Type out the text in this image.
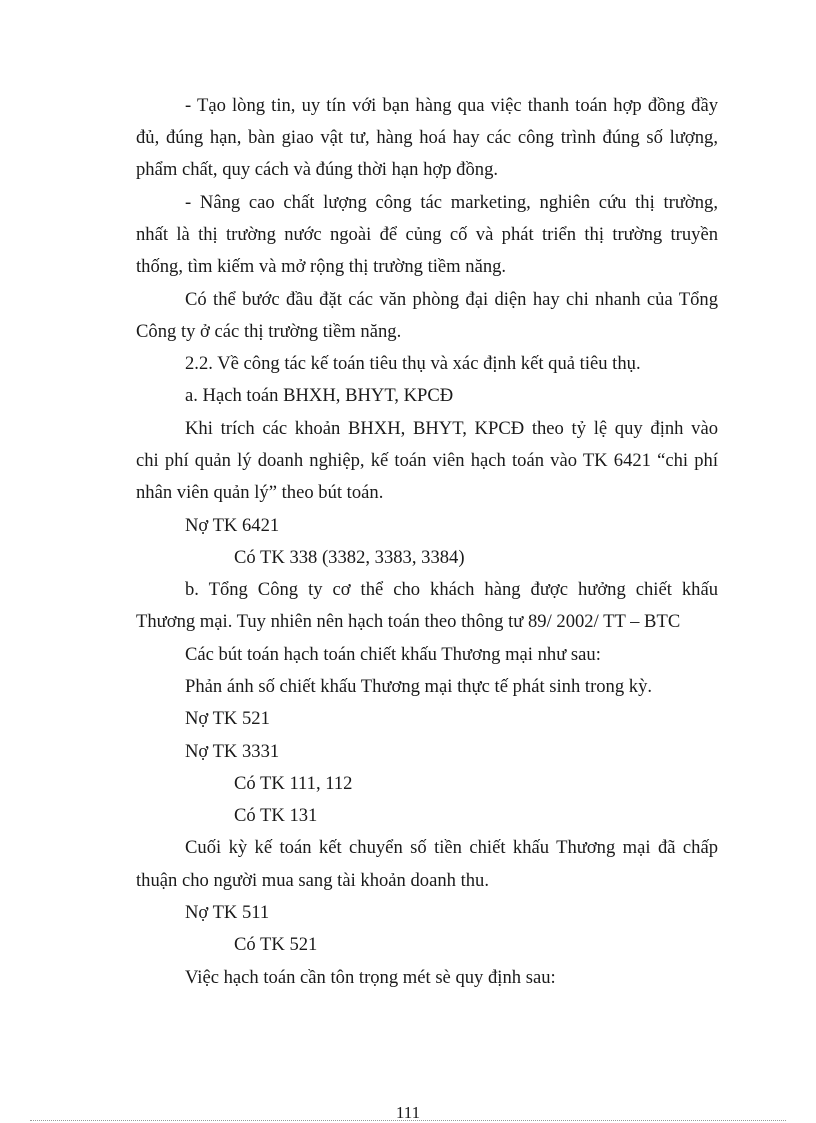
- Tạo lòng tin, uy tín với bạn hàng qua việc thanh toán hợp đồng đầy

đủ, đúng hạn, bàn giao vật tư, hàng hoá hay các công trình đúng số lượng,

phẩm chất, quy cách và đúng thời hạn hợp đồng.

- Nâng cao chất lượng công tác marketing, nghiên cứu thị trường,

nhất là thị trường nước ngoài để củng cố và phát triển thị trường truyền

thống, tìm kiếm và mở rộng thị trường tiềm năng.

Có thể bước đầu đặt các văn phòng đại diện hay chi nhanh của Tổng

Công ty ở các thị trường tiềm năng.

2.2. Về công tác kế toán tiêu thụ và xác định kết quả tiêu thụ.

a. Hạch toán BHXH, BHYT, KPCĐ

Khi trích các khoản BHXH, BHYT, KPCĐ theo tỷ lệ quy định vào

chi phí quản lý doanh nghiệp, kế toán viên hạch toán vào TK 6421 “chi phí

nhân viên quản lý” theo bút toán.

Nợ TK 6421

Có TK 338 (3382, 3383, 3384)

b. Tổng Công ty cơ thể cho khách hàng được hưởng chiết khấu

Thương mại. Tuy nhiên nên hạch toán theo thông tư 89/ 2002/ TT – BTC

Các bút toán hạch toán chiết khấu Thương mại như sau:

Phản ánh số chiết khấu Thương mại thực tế phát sinh trong kỳ.

Nợ TK 521

Nợ TK 3331

Có TK 111, 112

Có TK 131

Cuối kỳ kế toán kết chuyển số tiền chiết khấu Thương mại đã chấp

thuận cho người mua sang tài khoản doanh thu.

Nợ TK 511

Có TK 521

Việc hạch toán cần tôn trọng mét sè quy định sau:

111
